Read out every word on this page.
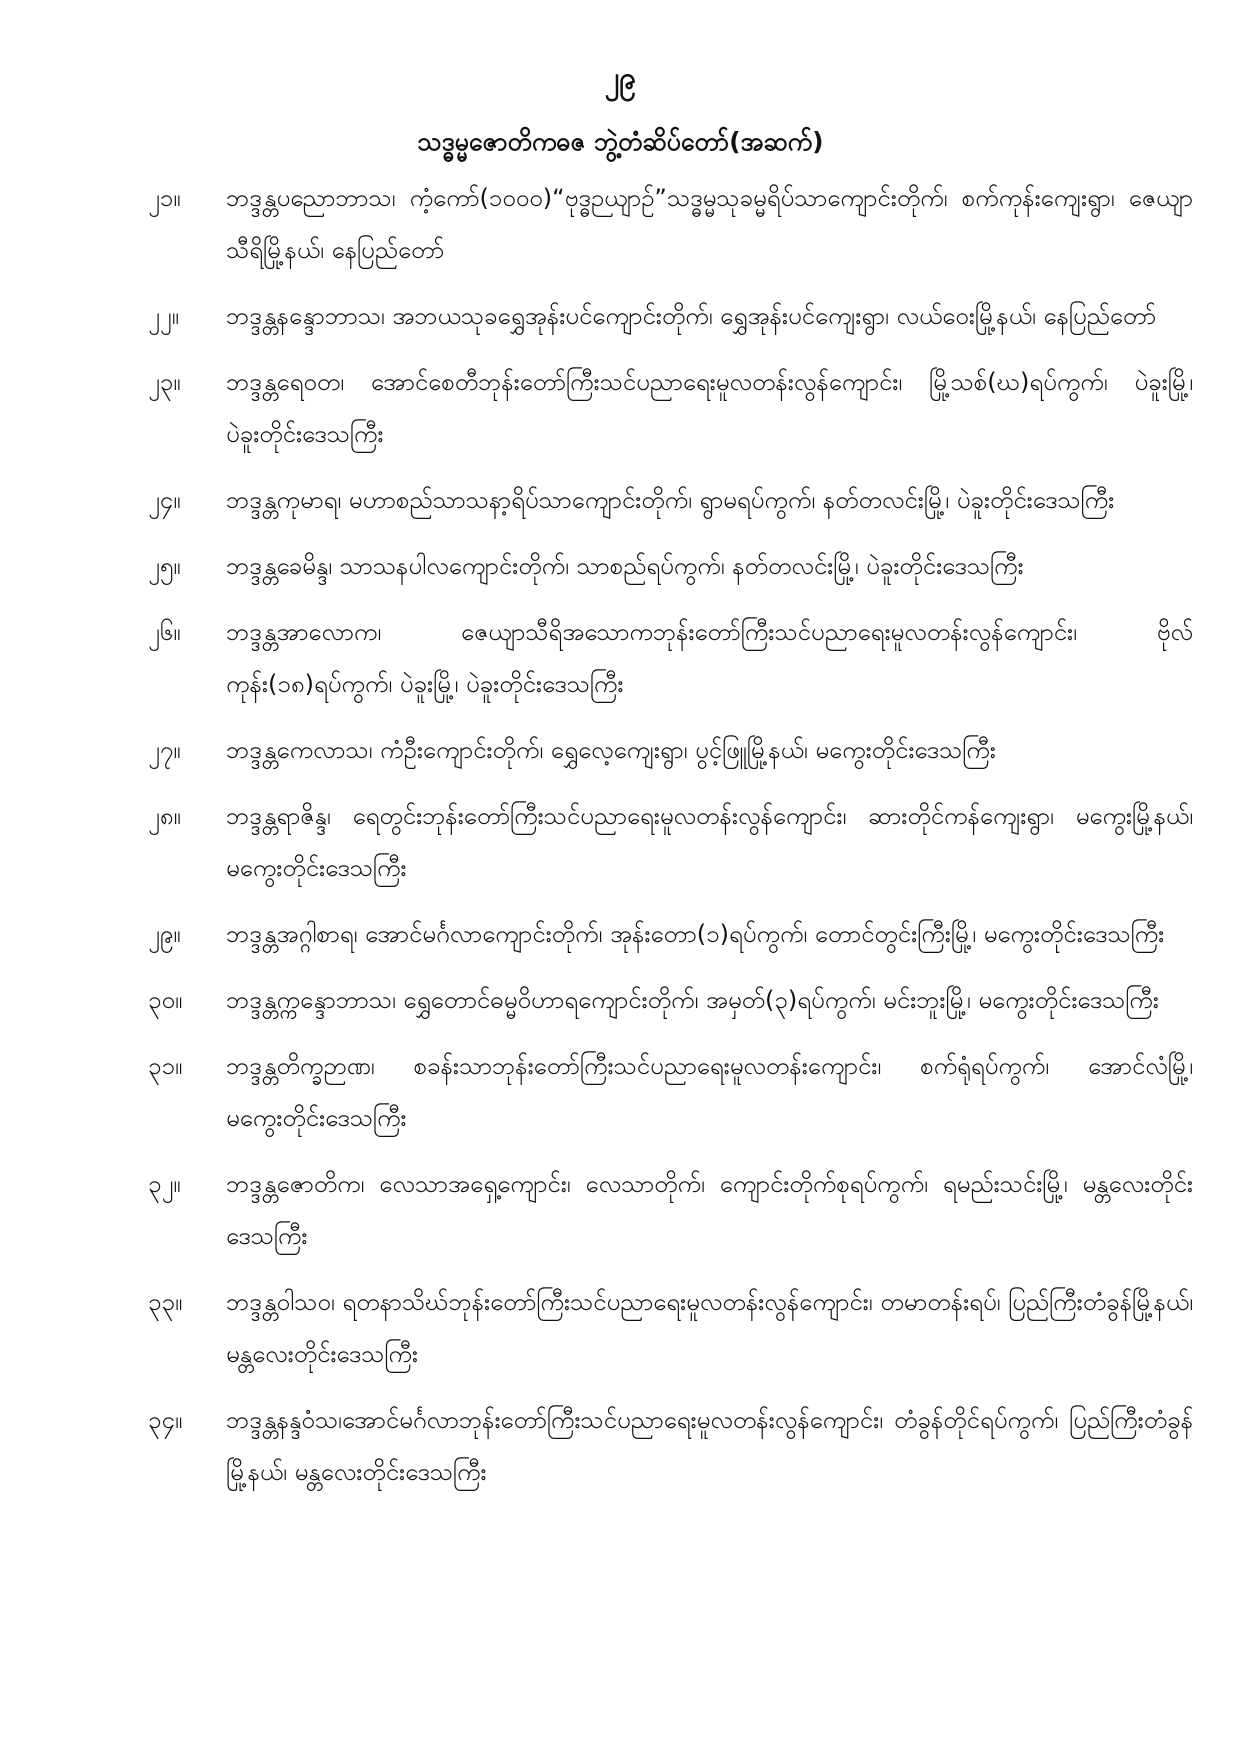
၂၉
သဒ္ဓမ္မဇောတိကဓဇ ဘွဲ့တံဆိပ်တော်(အဆက်)
၂၁။	ဘဒ္ဒန္တပညောဘာသ၊ ကံ့ကော်(၁၀၀၀)“ဗုဒ္ဓဉယျာဉ်”သဒ္ဓမ္မသုခမ္မရိပ်သာကျောင်းတိုက်၊ စက်ကုန်းကျေးရွာ၊ ဇေယျာသီရိမြို့နယ်၊ နေပြည်တော်
၂၂။	ဘဒ္ဒန္တနန္ဒောဘာသ၊ အဘယသုခရွှေအုန်းပင်ကျောင်းတိုက်၊ ရွှေအုန်းပင်ကျေးရွာ၊ လယ်ဝေးမြို့နယ်၊ နေပြည်တော်
၂၃။	ဘဒ္ဒန္တရေဝတ၊ အောင်စေတီဘုန်းတော်ကြီးသင်ပညာရေးမူလတန်းလွန်ကျောင်း၊ မြို့သစ်(ဃ)ရပ်ကွက်၊ ပဲခူးမြို့၊ ပဲခူးတိုင်းဒေသကြီး
၂၄။	ဘဒ္ဒန္တကုမာရ၊ မဟာစည်သာသနာ့ရိပ်သာကျောင်းတိုက်၊ ရွာမရပ်ကွက်၊ နတ်တလင်းမြို့၊ ပဲခူးတိုင်းဒေသကြီး
၂၅။	ဘဒ္ဒန္တခေမိန္ဒ၊ သာသနပါလကျောင်းတိုက်၊ သာစည်ရပ်ကွက်၊ နတ်တလင်းမြို့၊ ပဲခူးတိုင်းဒေသကြီး
၂၆။	ဘဒ္ဒန္တအာလောက၊ ဇေယျာသီရိအသောကဘုန်းတော်ကြီးသင်ပညာရေးမူလတန်းလွန်ကျောင်း၊ ဗိုလ်ကုန်း(၁၈)ရပ်ကွက်၊ ပဲခူးမြို့၊ ပဲခူးတိုင်းဒေသကြီး
၂၇။	ဘဒ္ဒန္တကေလာသ၊ ကံဦးကျောင်းတိုက်၊ ရွှေလေ့ကျေးရွာ၊ ပွင့်ဖြူမြို့နယ်၊ မကွေးတိုင်းဒေသကြီး
၂၈။	ဘဒ္ဒန္တရာဇိန္ဒ၊ ရေတွင်းဘုန်းတော်ကြီးသင်ပညာရေးမူလတန်းလွန်ကျောင်း၊ ဆားတိုင်ကန်ကျေးရွာ၊ မကွေးမြို့နယ်၊ မကွေးတိုင်းဒေသကြီး
၂၉။	ဘဒ္ဒန္တအဂ္ဂါစာရ၊ အောင်မင်္ဂလာကျောင်းတိုက်၊ အုန်းတော(၁)ရပ်ကွက်၊ တောင်တွင်းကြီးမြို့၊ မကွေးတိုင်းဒေသကြီး
၃၀။	ဘဒ္ဒန္တက္ကန္ဒောဘာသ၊ ရွှေတောင်ဓမ္မဝိဟာရကျောင်းတိုက်၊ အမှတ်(၃)ရပ်ကွက်၊ မင်းဘူးမြို့၊ မကွေးတိုင်းဒေသကြီး
၃၁။	ဘဒ္ဒန္တတိက္ခဉာဏ၊ စခန်းသာဘုန်းတော်ကြီးသင်ပညာရေးမူလတန်းကျောင်း၊ စက်ရုံရပ်ကွက်၊ အောင်လံမြို့၊ မကွေးတိုင်းဒေသကြီး
၃၂။	ဘဒ္ဒန္တဇောတိက၊ လေသာအရှေ့ကျောင်း၊ လေသာတိုက်၊ ကျောင်းတိုက်စုရပ်ကွက်၊ ရမည်းသင်းမြို့၊ မန္တလေးတိုင်းဒေသကြီး
၃၃။	ဘဒ္ဒန္တဝါသဝ၊ ရတနာသိဃ်ဘုန်းတော်ကြီးသင်ပညာရေးမူလတန်းလွန်ကျောင်း၊ တမာတန်းရပ်၊ ပြည်ကြီးတံခွန်မြို့နယ်၊ မန္တလေးတိုင်းဒေသကြီး
၃၄။	ဘဒ္ဒန္တနန္ဒဝံသ၊အောင်မင်္ဂလာဘုန်းတော်ကြီးသင်ပညာရေးမူလတန်းလွန်ကျောင်း၊ တံခွန်တိုင်ရပ်ကွက်၊ ပြည်ကြီးတံခွန်မြို့နယ်၊ မန္တလေးတိုင်းဒေသကြီး
